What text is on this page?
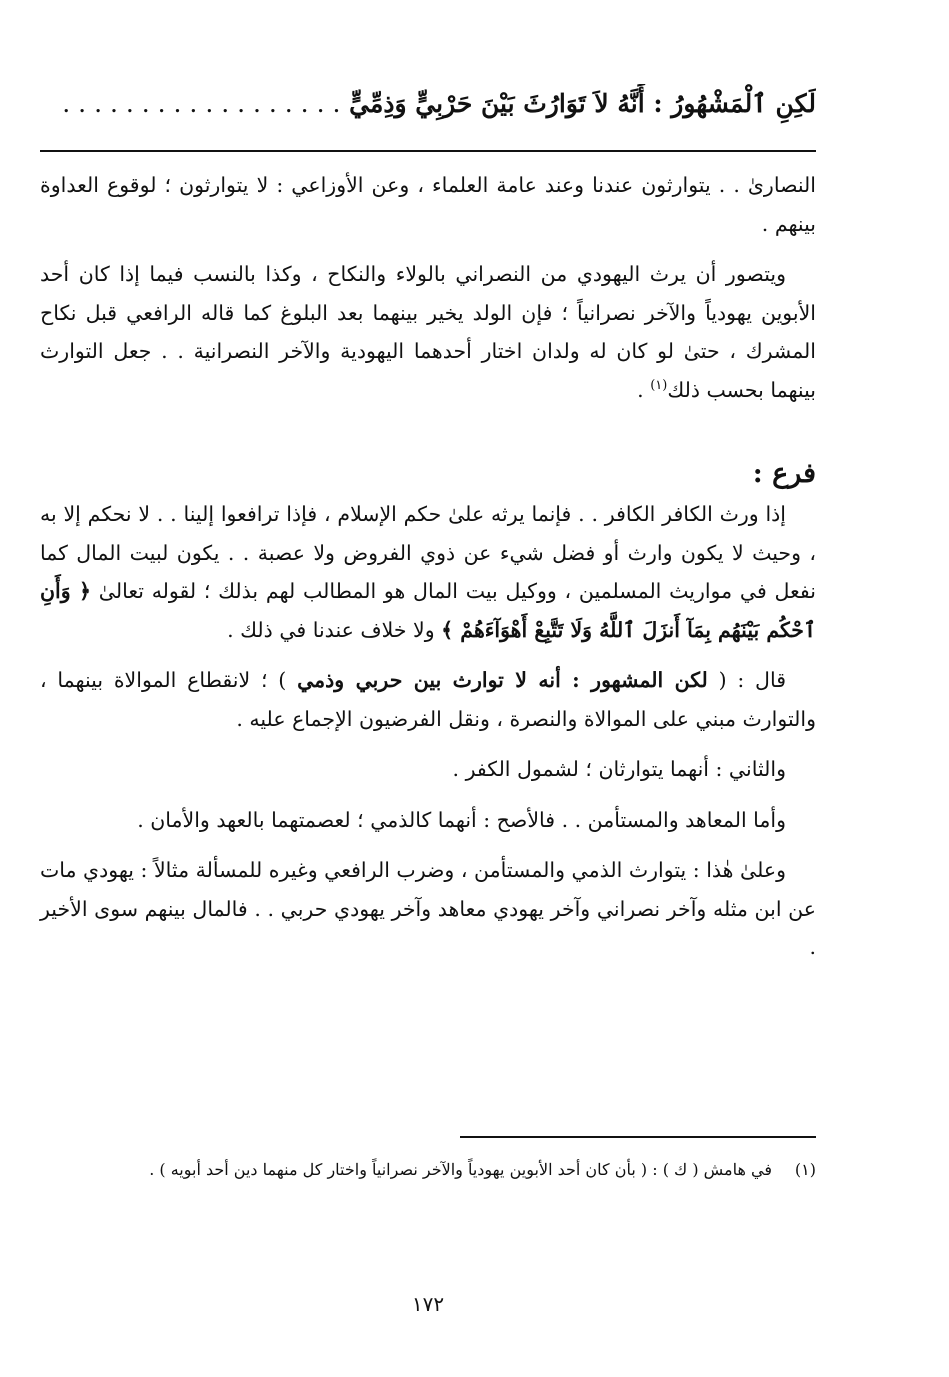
لَكِنِ ٱلْمَشْهُورُ : أَنَّهُ لاَ تَوَارُثَ بَيْنَ حَرْبِيٍّ وَذِمِّيٍّ . . . . . . . . . . . . . . . . . .

النصارىٰ . . يتوارثون عندنا وعند عامة العلماء ، وعن الأوزاعي : لا يتوارثون ؛ لوقوع العداوة بينهم .

ويتصور أن يرث اليهودي من النصراني بالولاء والنكاح ، وكذا بالنسب فيما إذا كان أحد الأبوين يهودياً والآخر نصرانياً ؛ فإن الولد يخير بينهما بعد البلوغ كما قاله الرافعي قبل نكاح المشرك ، حتىٰ لو كان له ولدان اختار أحدهما اليهودية والآخر النصرانية . . جعل التوارث بينهما بحسب ذلك$^{(١)}$ .

فرع :

إذا ورث الكافر الكافر . . فإنما يرثه علىٰ حكم الإسلام ، فإذا ترافعوا إلينا . . لا نحكم إلا به ، وحيث لا يكون وارث أو فضل شيء عن ذوي الفروض ولا عصبة . . يكون لبيت المال كما نفعل في مواريث المسلمين ، ووكيل بيت المال هو المطالب لهم بذلك ؛ لقوله تعالىٰ ﴿ وَأَنِ ٱحْكُم بَيْنَهُم بِمَآ أَنزَلَ ٱللَّهُ وَلَا تَتَّبِعْ أَهْوَآءَهُمْ ﴾ ولا خلاف عندنا في ذلك .

قال : ( لكن المشهور : أنه لا توارث بين حربي وذمي ) ؛ لانقطاع الموالاة بينهما ، والتوارث مبني على الموالاة والنصرة ، ونقل الفرضيون الإجماع عليه .

والثاني : أنهما يتوارثان ؛ لشمول الكفر .

وأما المعاهد والمستأمن . . فالأصح : أنهما كالذمي ؛ لعصمتهما بالعهد والأمان .

وعلىٰ هٰذا : يتوارث الذمي والمستأمن ، وضرب الرافعي وغيره للمسألة مثالاً : يهودي مات عن ابن مثله وآخر نصراني وآخر يهودي معاهد وآخر يهودي حربي . . فالمال بينهم سوى الأخير .

(١)في هامش ( ك ) : ( بأن كان أحد الأبوين يهودياً والآخر نصرانياً واختار كل منهما دين أحد أبويه ) .
١٧٢
